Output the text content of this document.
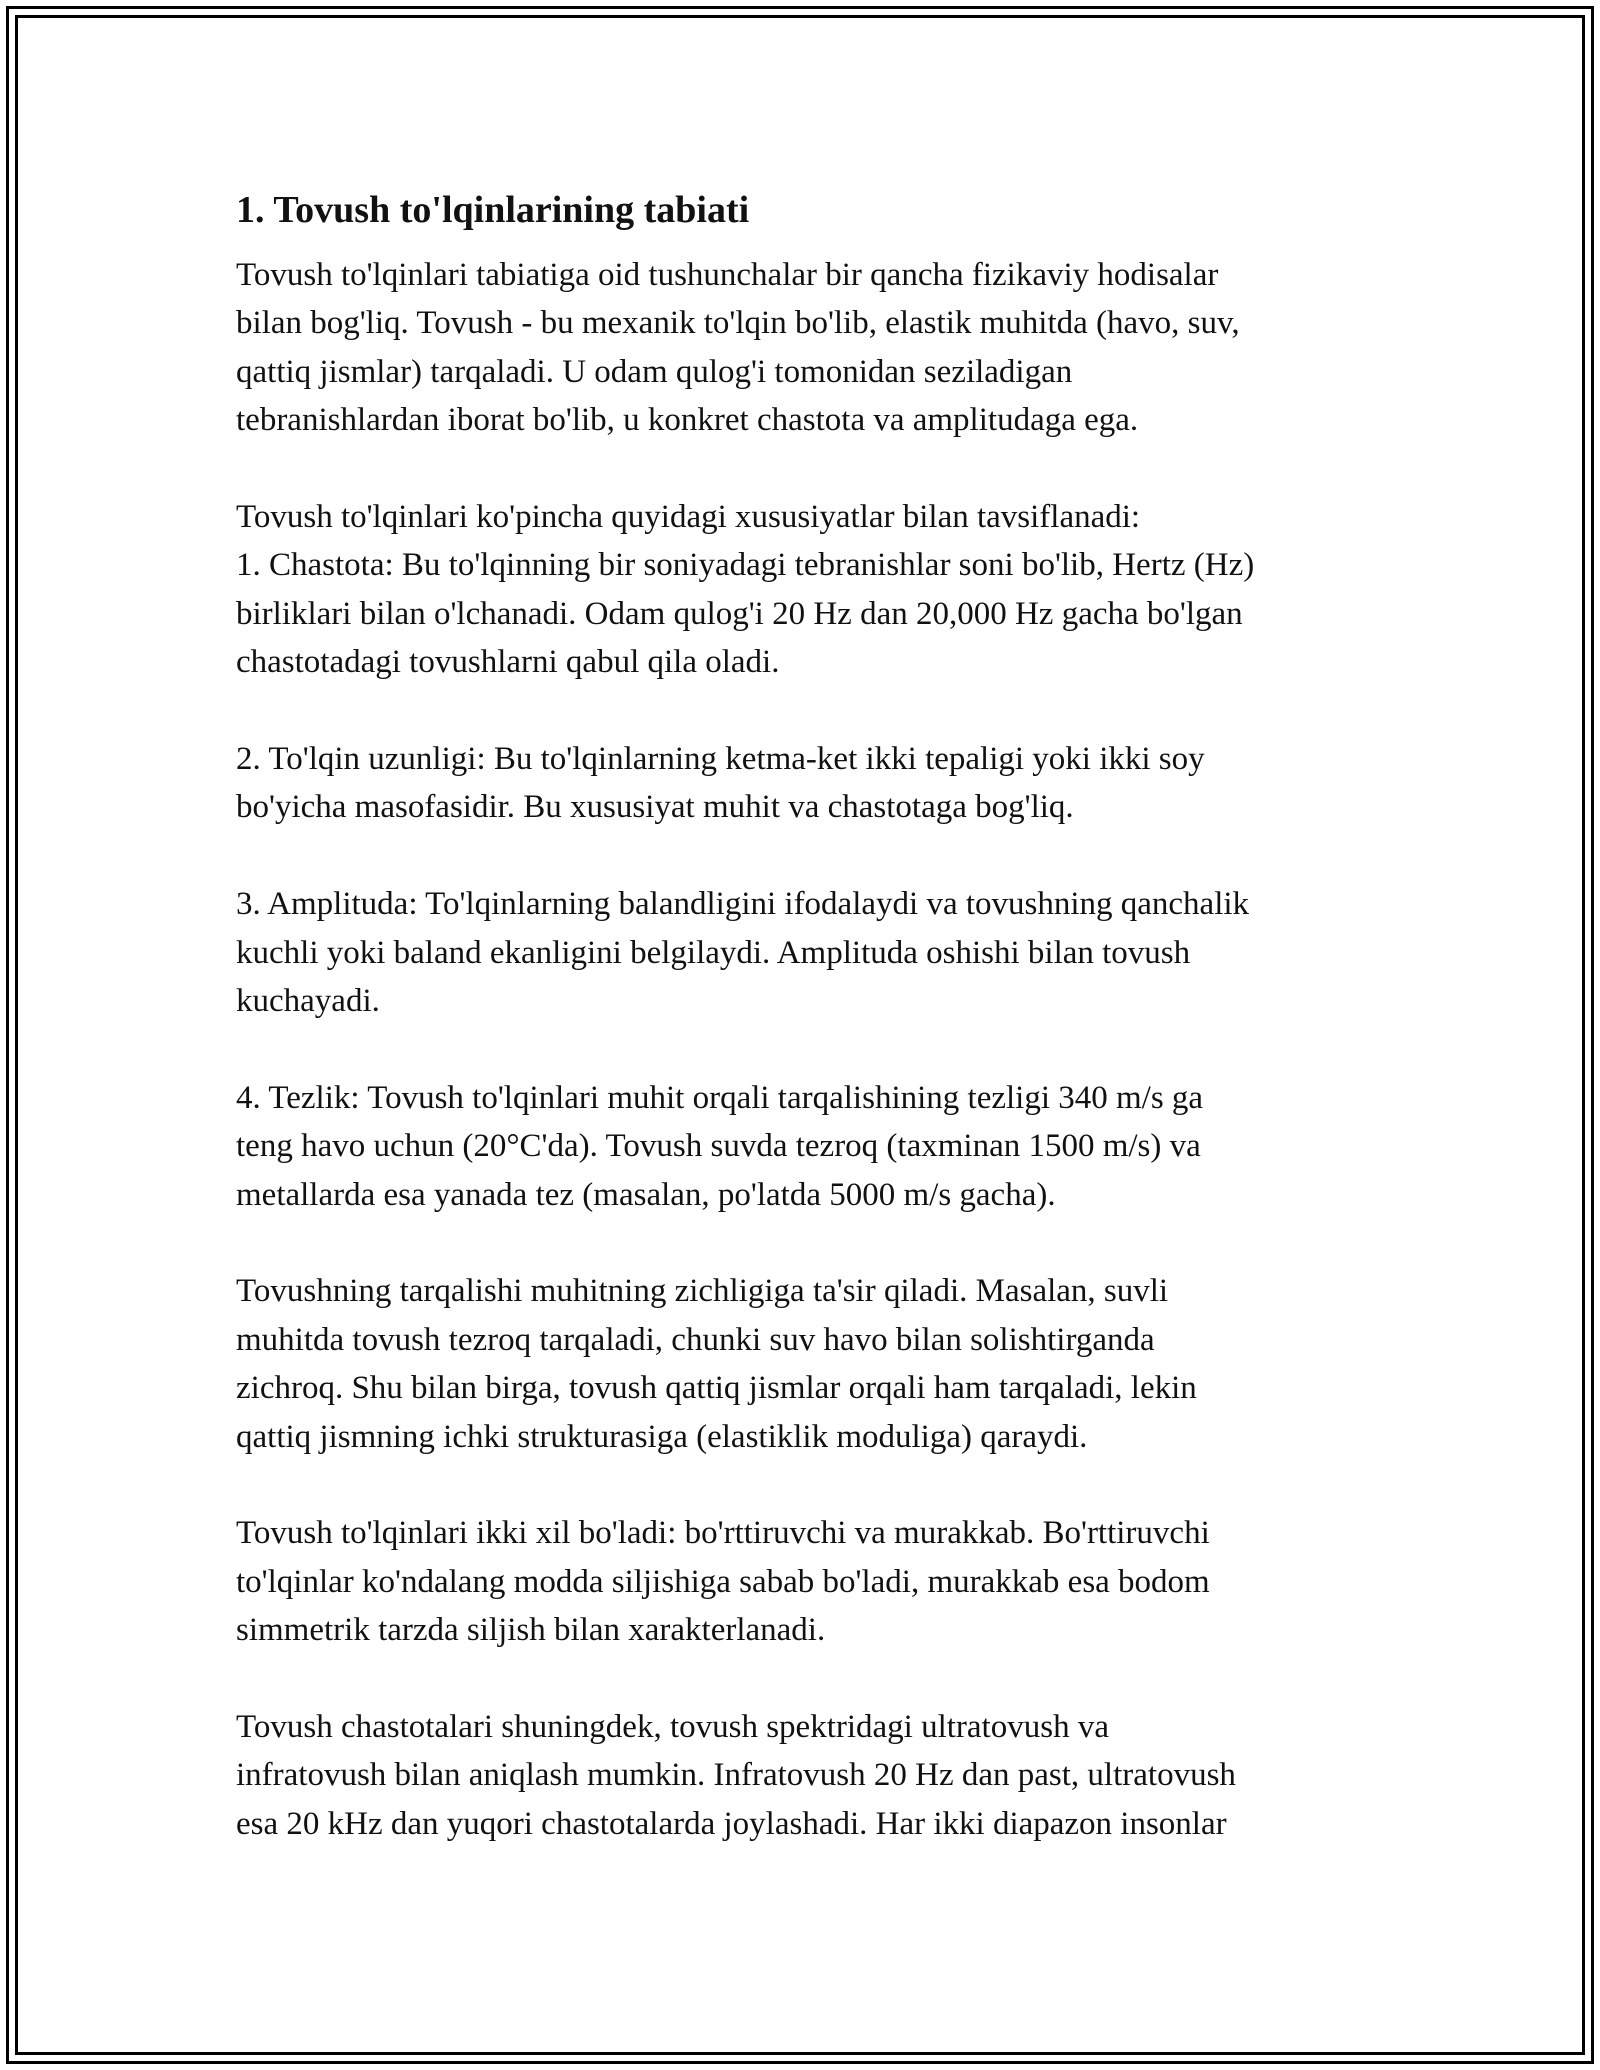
1. Tovush to'lqinlarining tabiati

Tovush to'lqinlari tabiatiga oid tushunchalar bir qancha fizikaviy hodisalar
bilan bog'liq. Tovush - bu mexanik to'lqin bo'lib, elastik muhitda (havo, suv,
qattiq jismlar) tarqaladi. U odam qulog'i tomonidan seziladigan
tebranishlardan iborat bo'lib, u konkret chastota va amplitudaga ega.

Tovush to'lqinlari ko'pincha quyidagi xususiyatlar bilan tavsiflanadi:
1. Chastota: Bu to'lqinning bir soniyadagi tebranishlar soni bo'lib, Hertz (Hz)
birliklari bilan o'lchanadi. Odam qulog'i 20 Hz dan 20,000 Hz gacha bo'lgan
chastotadagi tovushlarni qabul qila oladi.

2. To'lqin uzunligi: Bu to'lqinlarning ketma-ket ikki tepaligi yoki ikki soy
bo'yicha masofasidir. Bu xususiyat muhit va chastotaga bog'liq.

3. Amplituda: To'lqinlarning balandligini ifodalaydi va tovushning qanchalik
kuchli yoki baland ekanligini belgilaydi. Amplituda oshishi bilan tovush
kuchayadi.

4. Tezlik: Tovush to'lqinlari muhit orqali tarqalishining tezligi 340 m/s ga
teng havo uchun (20°C'da). Tovush suvda tezroq (taxminan 1500 m/s) va
metallarda esa yanada tez (masalan, po'latda 5000 m/s gacha).

Tovushning tarqalishi muhitning zichligiga ta'sir qiladi. Masalan, suvli
muhitda tovush tezroq tarqaladi, chunki suv havo bilan solishtirganda
zichroq. Shu bilan birga, tovush qattiq jismlar orqali ham tarqaladi, lekin
qattiq jismning ichki strukturasiga (elastiklik moduliga) qaraydi.

Tovush to'lqinlari ikki xil bo'ladi: bo'rttiruvchi va murakkab. Bo'rttiruvchi
to'lqinlar ko'ndalang modda siljishiga sabab bo'ladi, murakkab esa bodom
simmetrik tarzda siljish bilan xarakterlanadi.

Tovush chastotalari shuningdek, tovush spektridagi ultratovush va
infratovush bilan aniqlash mumkin. Infratovush 20 Hz dan past, ultratovush
esa 20 kHz dan yuqori chastotalarda joylashadi. Har ikki diapazon insonlar
